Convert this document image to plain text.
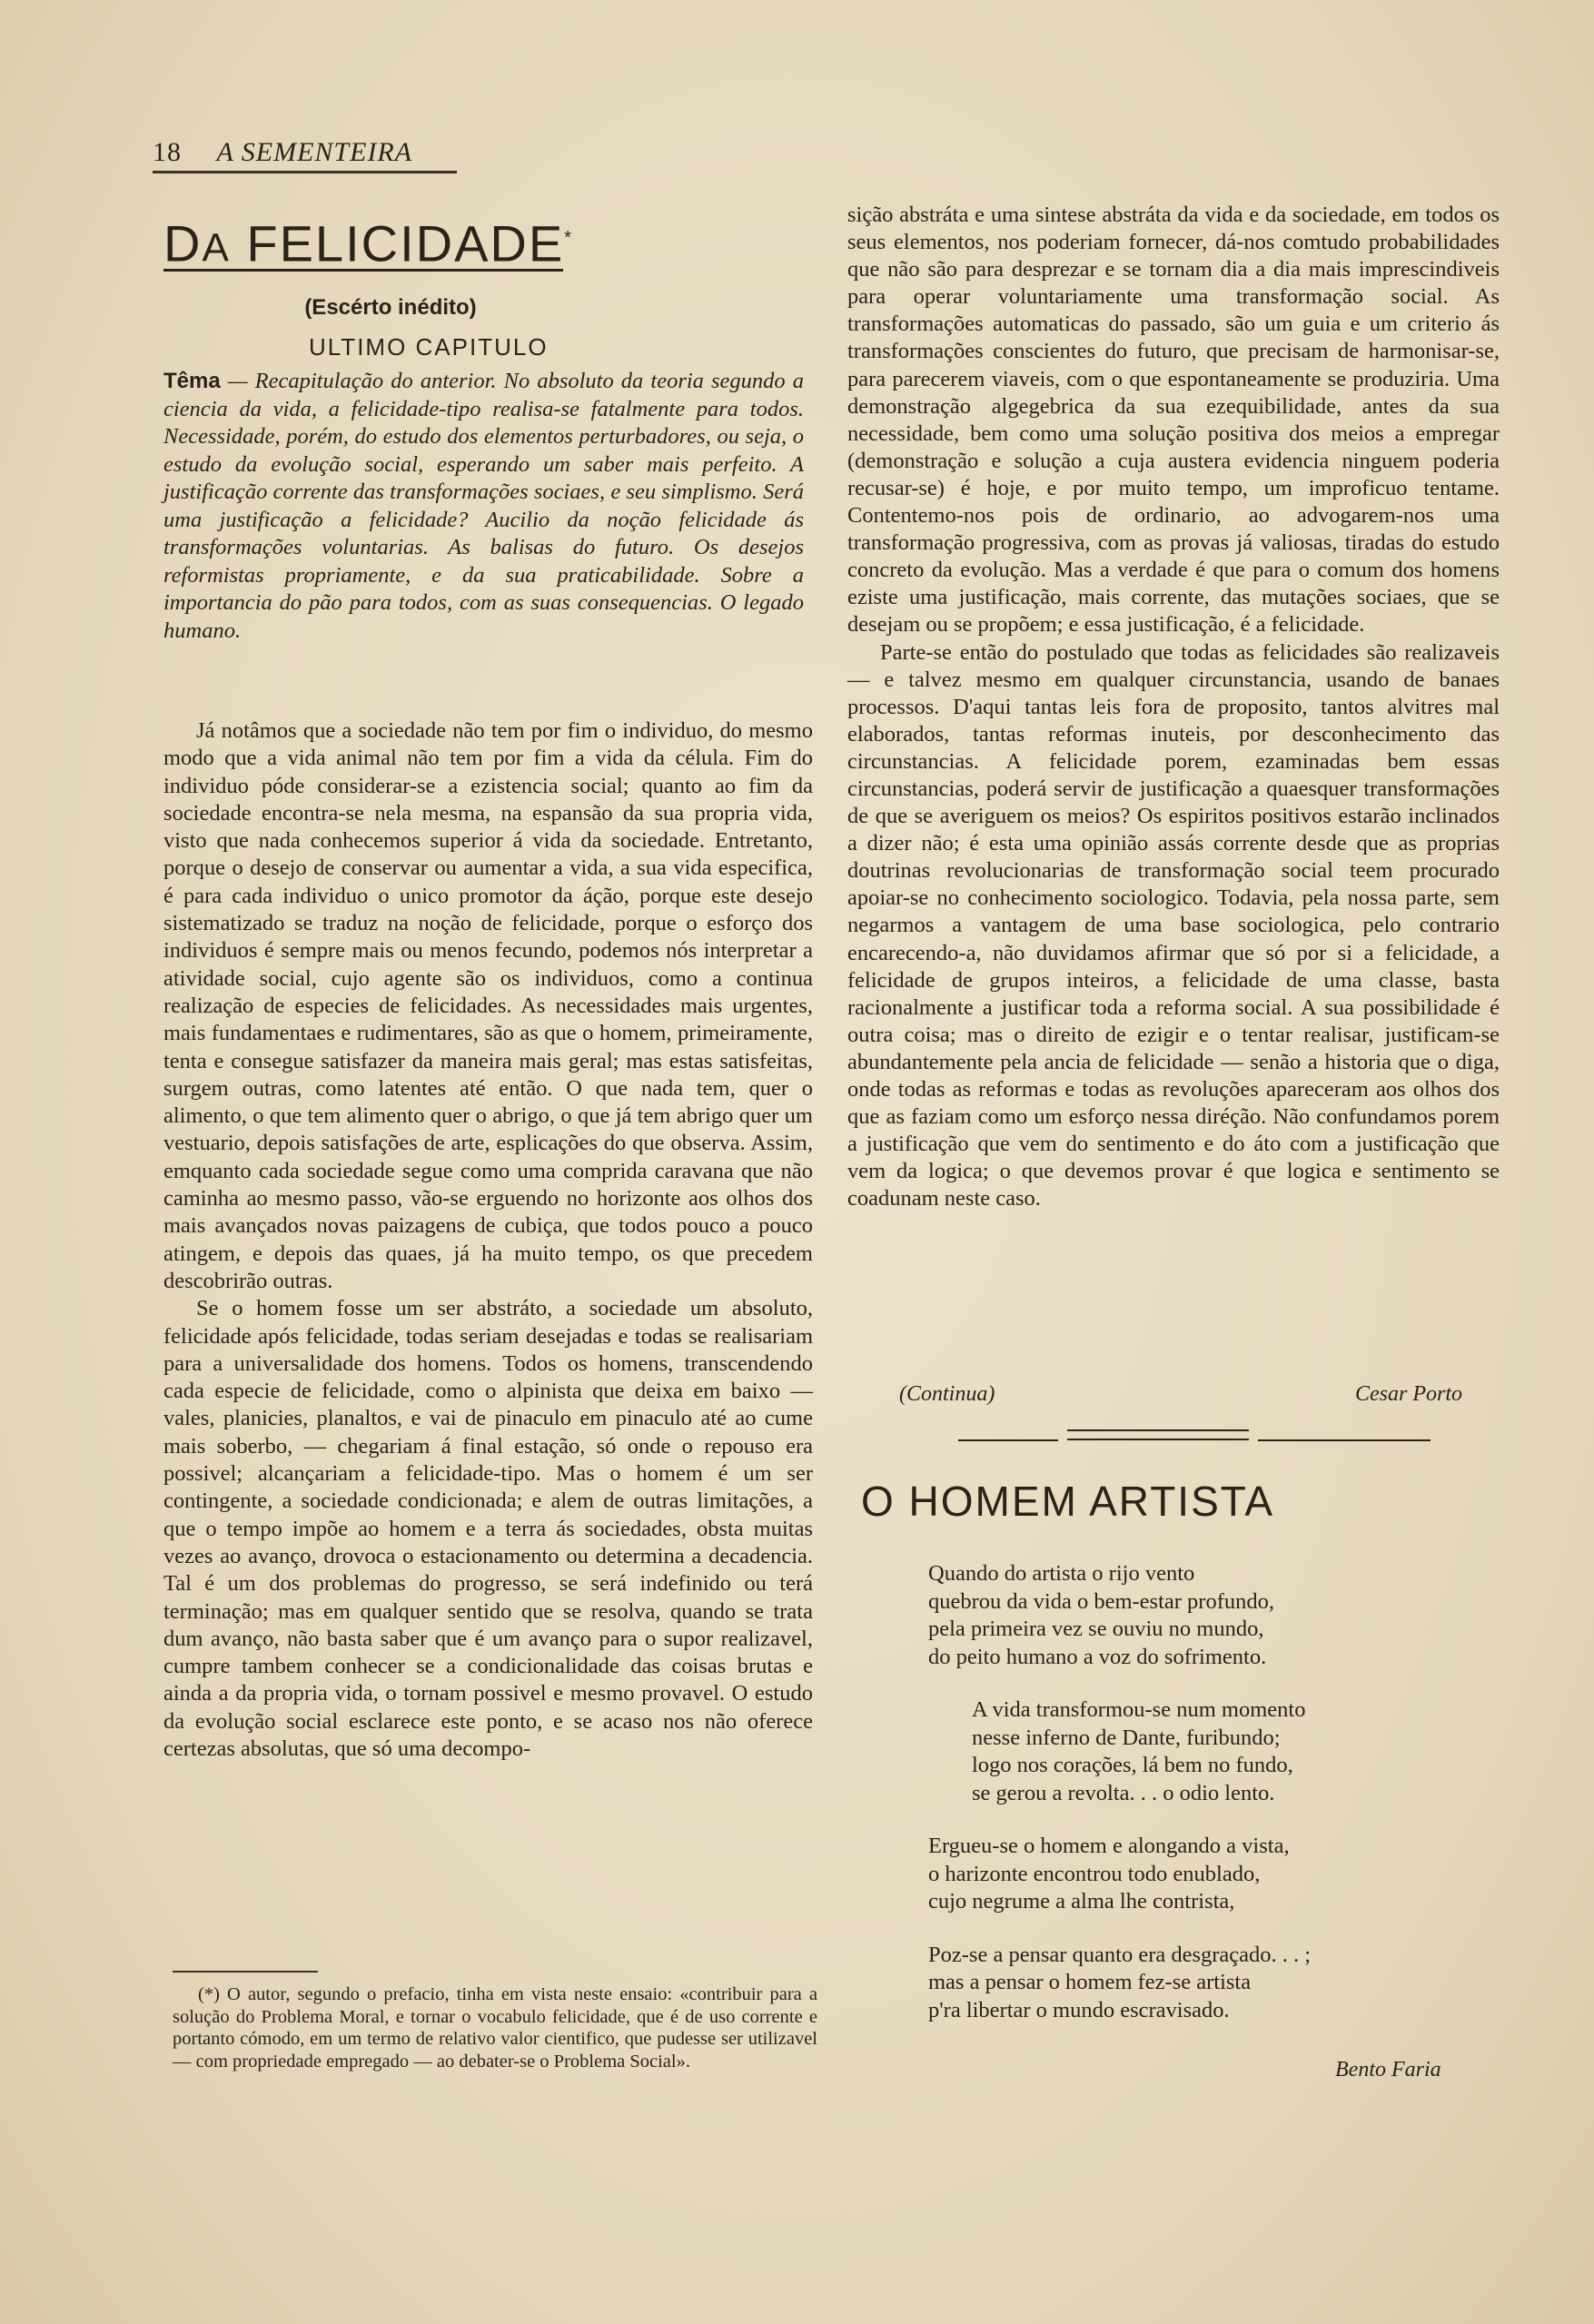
18 A SEMENTEIRA
DA FELICIDADE*
(Escérto inédito)
ULTIMO CAPITULO
Têma — Recapitulação do anterior. No absoluto da teoria segundo a ciencia da vida, a felicidade-tipo realisa-se fatalmente para todos. Necessidade, porém, do estudo dos elementos perturbadores, ou seja, o estudo da evolução social, esperando um saber mais perfeito. A justificação corrente das transformações sociaes, e seu simplismo. Será uma justificação a felicidade? Aucilio da noção felicidade ás transformações voluntarias. As balisas do futuro. Os desejos reformistas propriamente, e da sua praticabilidade. Sobre a importancia do pão para todos, com as suas consequencias. O legado humano.

Já notâmos que a sociedade não tem por fim o individuo, do mesmo modo que a vida animal não tem por fim a vida da célula. Fim do individuo póde considerar-se a ezistencia social; quanto ao fim da sociedade encontra-se nela mesma, na espansão da sua propria vida, visto que nada conhecemos superior á vida da sociedade. Entretanto, porque o desejo de conservar ou aumentar a vida, a sua vida especifica, é para cada individuo o unico promotor da áção, porque este desejo sistematizado se traduz na noção de felicidade, porque o esforço dos individuos é sempre mais ou menos fecundo, podemos nós interpretar a atividade social, cujo agente são os individuos, como a continua realização de especies de felicidades. As necessidades mais urgentes, mais fundamentaes e rudimentares, são as que o homem, primeiramente, tenta e consegue satisfazer da maneira mais geral; mas estas satisfeitas, surgem outras, como latentes até então. O que nada tem, quer o alimento, o que tem alimento quer o abrigo, o que já tem abrigo quer um vestuario, depois satisfações de arte, esplicações do que observa. Assim, emquanto cada sociedade segue como uma comprida caravana que não caminha ao mesmo passo, vão-se erguendo no horizonte aos olhos dos mais avançados novas paizagens de cubiça, que todos pouco a pouco atingem, e depois das quaes, já ha muito tempo, os que precedem descobrirão outras.

Se o homem fosse um ser abstráto, a sociedade um absoluto, felicidade após felicidade, todas seriam desejadas e todas se realisariam para a universalidade dos homens. Todos os homens, transcendendo cada especie de felicidade, como o alpinista que deixa em baixo — vales, planicies, planaltos, e vai de pinaculo em pinaculo até ao cume mais soberbo, — chegariam á final estação, só onde o repouso era possivel; alcançariam a felicidade-tipo. Mas o homem é um ser contingente, a sociedade condicionada; e alem de outras limitações, a que o tempo impõe ao homem e a terra ás sociedades, obsta muitas vezes ao avanço, drovoca o estacionamento ou determina a decadencia. Tal é um dos problemas do progresso, se será indefinido ou terá terminação; mas em qualquer sentido que se resolva, quando se trata dum avanço, não basta saber que é um avanço para o supor realizavel, cumpre tambem conhecer se a condicionalidade das coisas brutas e ainda a da propria vida, o tornam possivel e mesmo provavel. O estudo da evolução social esclarece este ponto, e se acaso nos não oferece certezas absolutas, que só uma decompo-

(*) O autor, segundo o prefacio, tinha em vista neste ensaio: «contribuir para a solução do Problema Moral, e tornar o vocabulo felicidade, que é de uso corrente e portanto cómodo, em um termo de relativo valor cientifico, que pudesse ser utilizavel — com propriedade empregado — ao debater-se o Problema Social».

sição abstráta e uma sintese abstráta da vida e da sociedade, em todos os seus elementos, nos poderiam fornecer, dá-nos comtudo probabilidades que não são para desprezar e se tornam dia a dia mais imprescindiveis para operar voluntariamente uma transformação social. As transformações automaticas do passado, são um guia e um criterio ás transformações conscientes do futuro, que precisam de harmonisar-se, para parecerem viaveis, com o que espontaneamente se produziria. Uma demonstração algegebrica da sua ezequibilidade, antes da sua necessidade, bem como uma solução positiva dos meios a empregar (demonstração e solução a cuja austera evidencia ninguem poderia recusar-se) é hoje, e por muito tempo, um improficuo tentame. Contentemo-nos pois de ordinario, ao advogarem-nos uma transformação progressiva, com as provas já valiosas, tiradas do estudo concreto da evolução. Mas a verdade é que para o comum dos homens eziste uma justificação, mais corrente, das mutações sociaes, que se desejam ou se propõem; e essa justificação, é a felicidade.

Parte-se então do postulado que todas as felicidades são realizaveis — e talvez mesmo em qualquer circunstancia, usando de banaes processos. D'aqui tantas leis fora de proposito, tantos alvitres mal elaborados, tantas reformas inuteis, por desconhecimento das circunstancias. A felicidade porem, ezaminadas bem essas circunstancias, poderá servir de justificação a quaesquer transformações de que se averiguem os meios? Os espiritos positivos estarão inclinados a dizer não; é esta uma opinião assás corrente desde que as proprias doutrinas revolucionarias de transformação social teem procurado apoiar-se no conhecimento sociologico. Todavia, pela nossa parte, sem negarmos a vantagem de uma base sociologica, pelo contrario encarecendo-a, não duvidamos afirmar que só por si a felicidade, a felicidade de grupos inteiros, a felicidade de uma classe, basta racionalmente a justificar toda a reforma social. A sua possibilidade é outra coisa; mas o direito de ezigir e o tentar realisar, justificam-se abundantemente pela ancia de felicidade — senão a historia que o diga, onde todas as reformas e todas as revoluções apareceram aos olhos dos que as faziam como um esforço nessa diréção. Não confundamos porem a justificação que vem do sentimento e do áto com a justificação que vem da logica; o que devemos provar é que logica e sentimento se coadunam neste caso.

(Continua)	Cesar Porto
O HOMEM ARTISTA
Quando do artista o rijo vento
quebrou da vida o bem-estar profundo,
pela primeira vez se ouviu no mundo,
do peito humano a voz do sofrimento.
A vida transformou-se num momento
nesse inferno de Dante, furibundo;
logo nos corações, lá bem no fundo,
se gerou a revolta. . . o odio lento.
Ergueu-se o homem e alongando a vista,
o harizonte encontrou todo enublado,
cujo negrume a alma lhe contrista,
Poz-se a pensar quanto era desgraçado. . . ;
mas a pensar o homem fez-se artista
p'ra libertar o mundo escravisado.
Bento Faria
